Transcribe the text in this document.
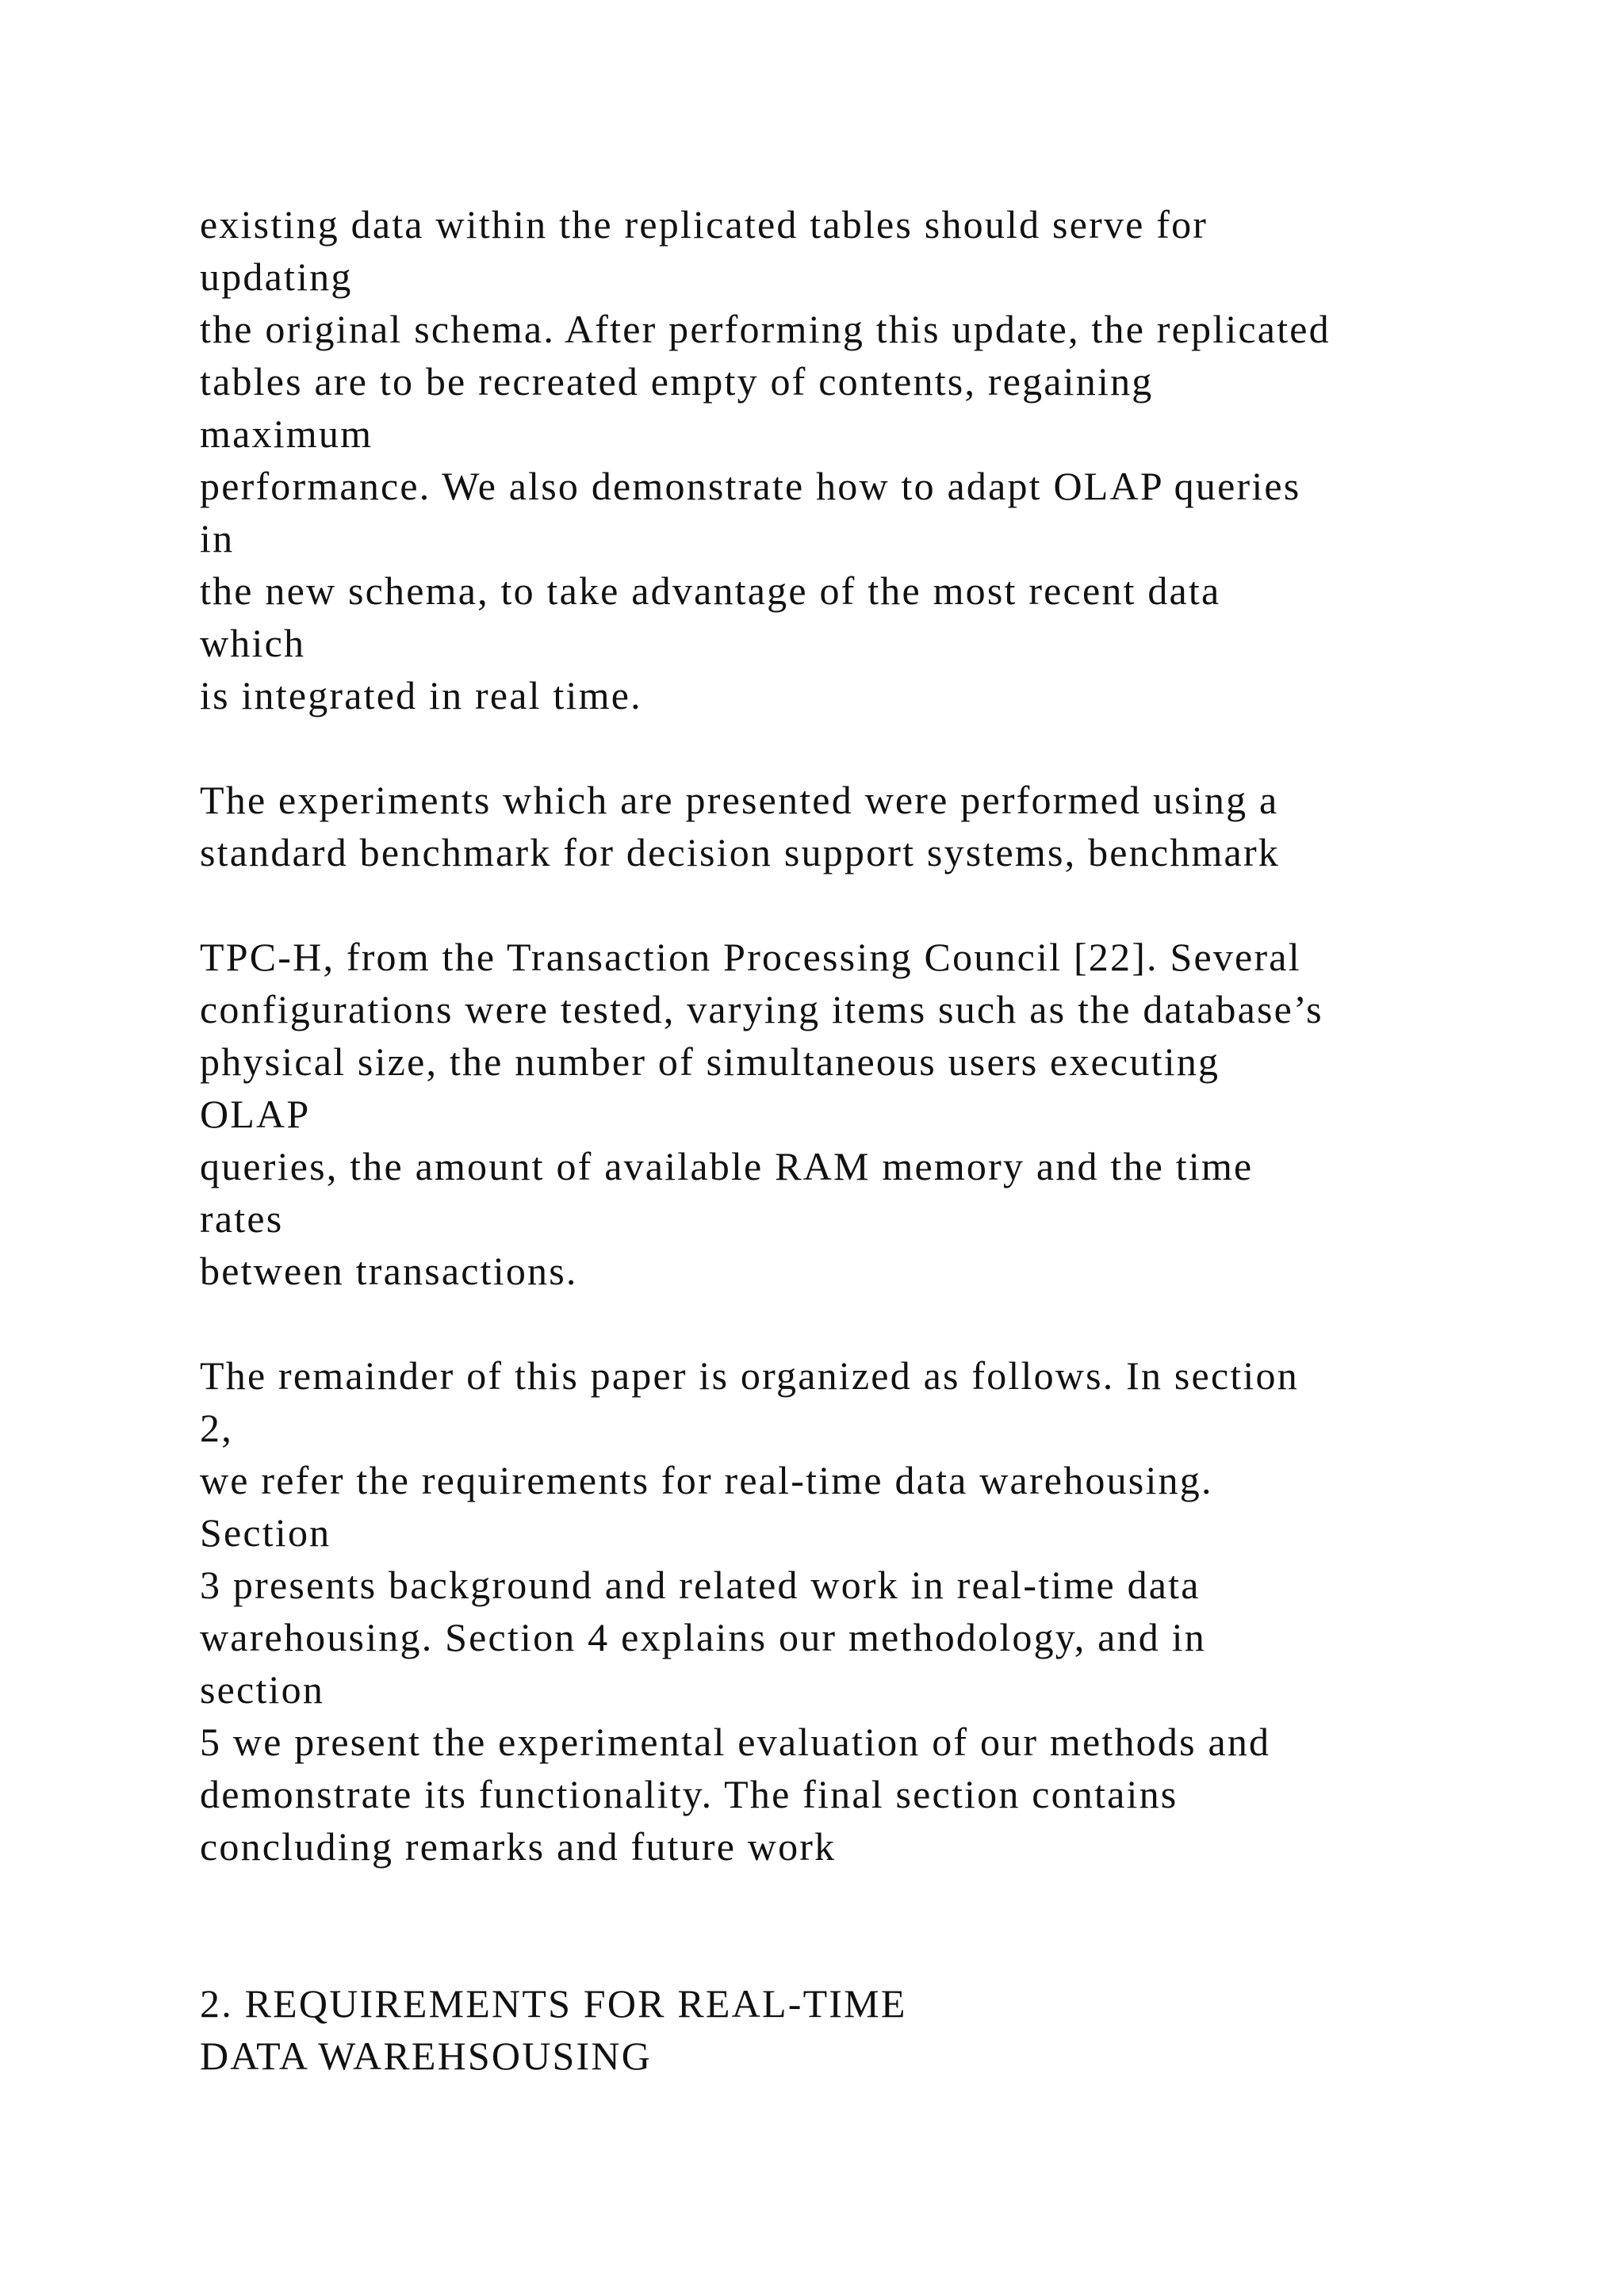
existing data within the replicated tables should serve for

updating

the original schema. After performing this update, the replicated

tables are to be recreated empty of contents, regaining

maximum

performance. We also demonstrate how to adapt OLAP queries

in

the new schema, to take advantage of the most recent data

which

is integrated in real time.

The experiments which are presented were performed using a

standard benchmark for decision support systems, benchmark

TPC-H, from the Transaction Processing Council [22]. Several

configurations were tested, varying items such as the database’s

physical size, the number of simultaneous users executing

OLAP

queries, the amount of available RAM memory and the time

rates

between transactions.

The remainder of this paper is organized as follows. In section

2,

we refer the requirements for real-time data warehousing.

Section

3 presents background and related work in real-time data

warehousing. Section 4 explains our methodology, and in

section

5 we present the experimental evaluation of our methods and

demonstrate its functionality. The final section contains

concluding remarks and future work

2. REQUIREMENTS FOR REAL-TIME

DATA WAREHSOUSING
